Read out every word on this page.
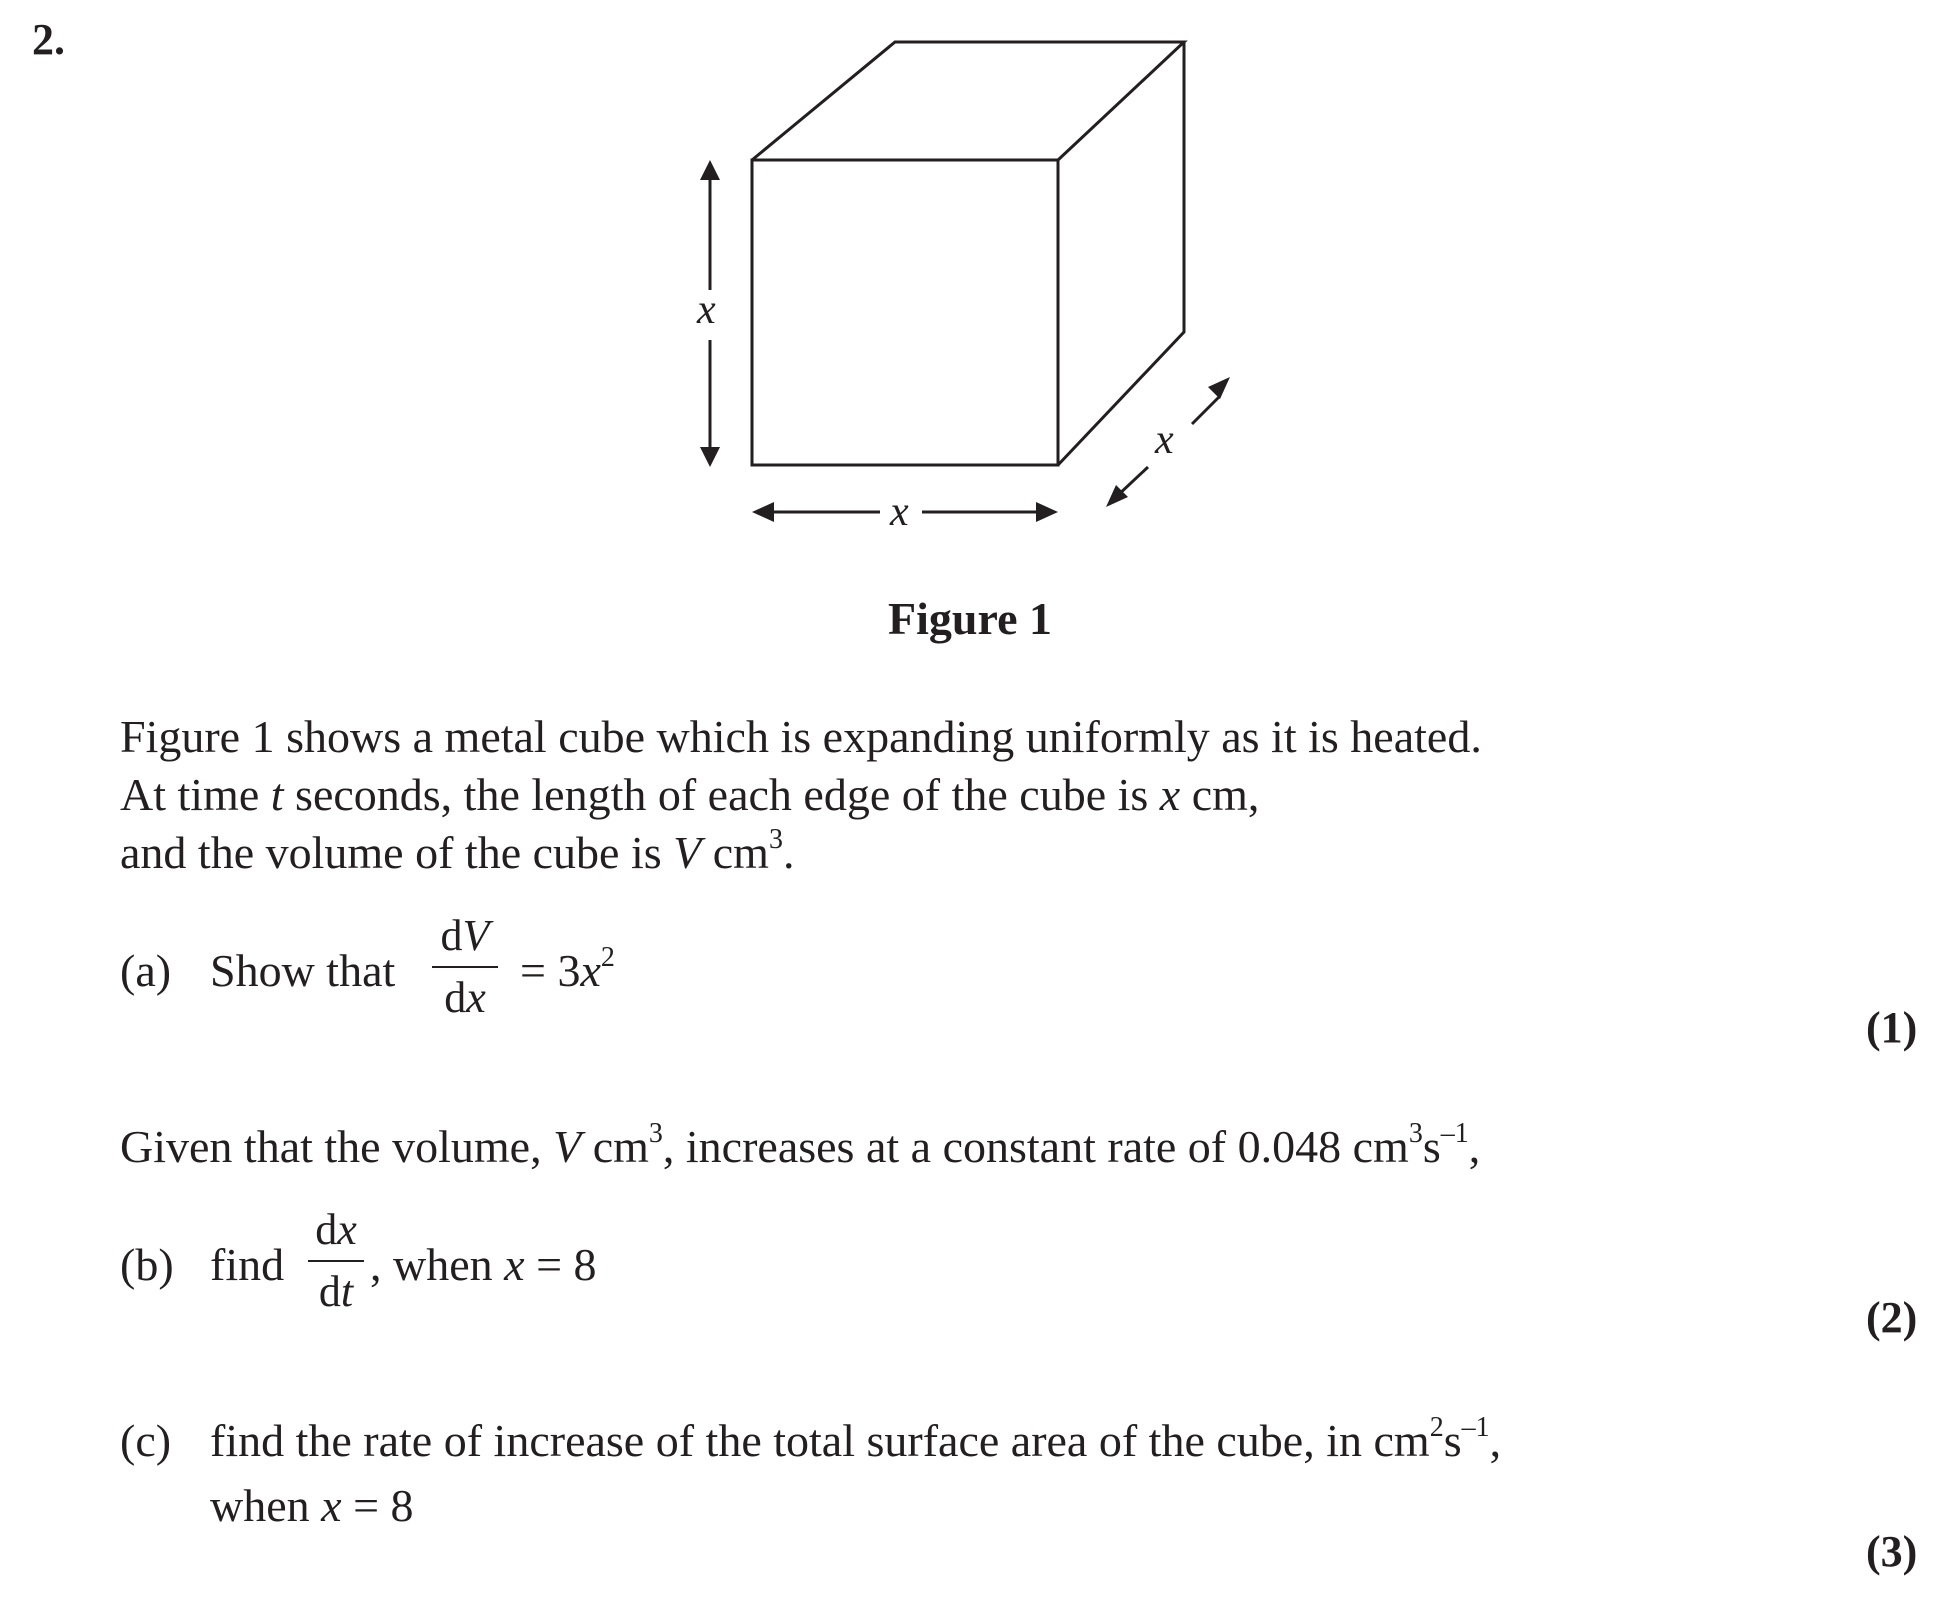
2.
x
x
x
Figure 1
Figure 1 shows a metal cube which is expanding uniformly as it is heated.
At time t seconds, the length of each edge of the cube is x cm,
and the volume of the cube is V $cm^3$.
(a) Show that
dV
dx
= $3x^2$
(1)
Given that the volume, V $cm^3$, increases at a constant rate of 0.048 $cm^3s^{-1}$,
(b) find
dx
dt
, when x = 8
(2)
(c) find the rate of increase of the total surface area of the cube, in $cm^2s^{-1}$,
when x = 8
(3)
